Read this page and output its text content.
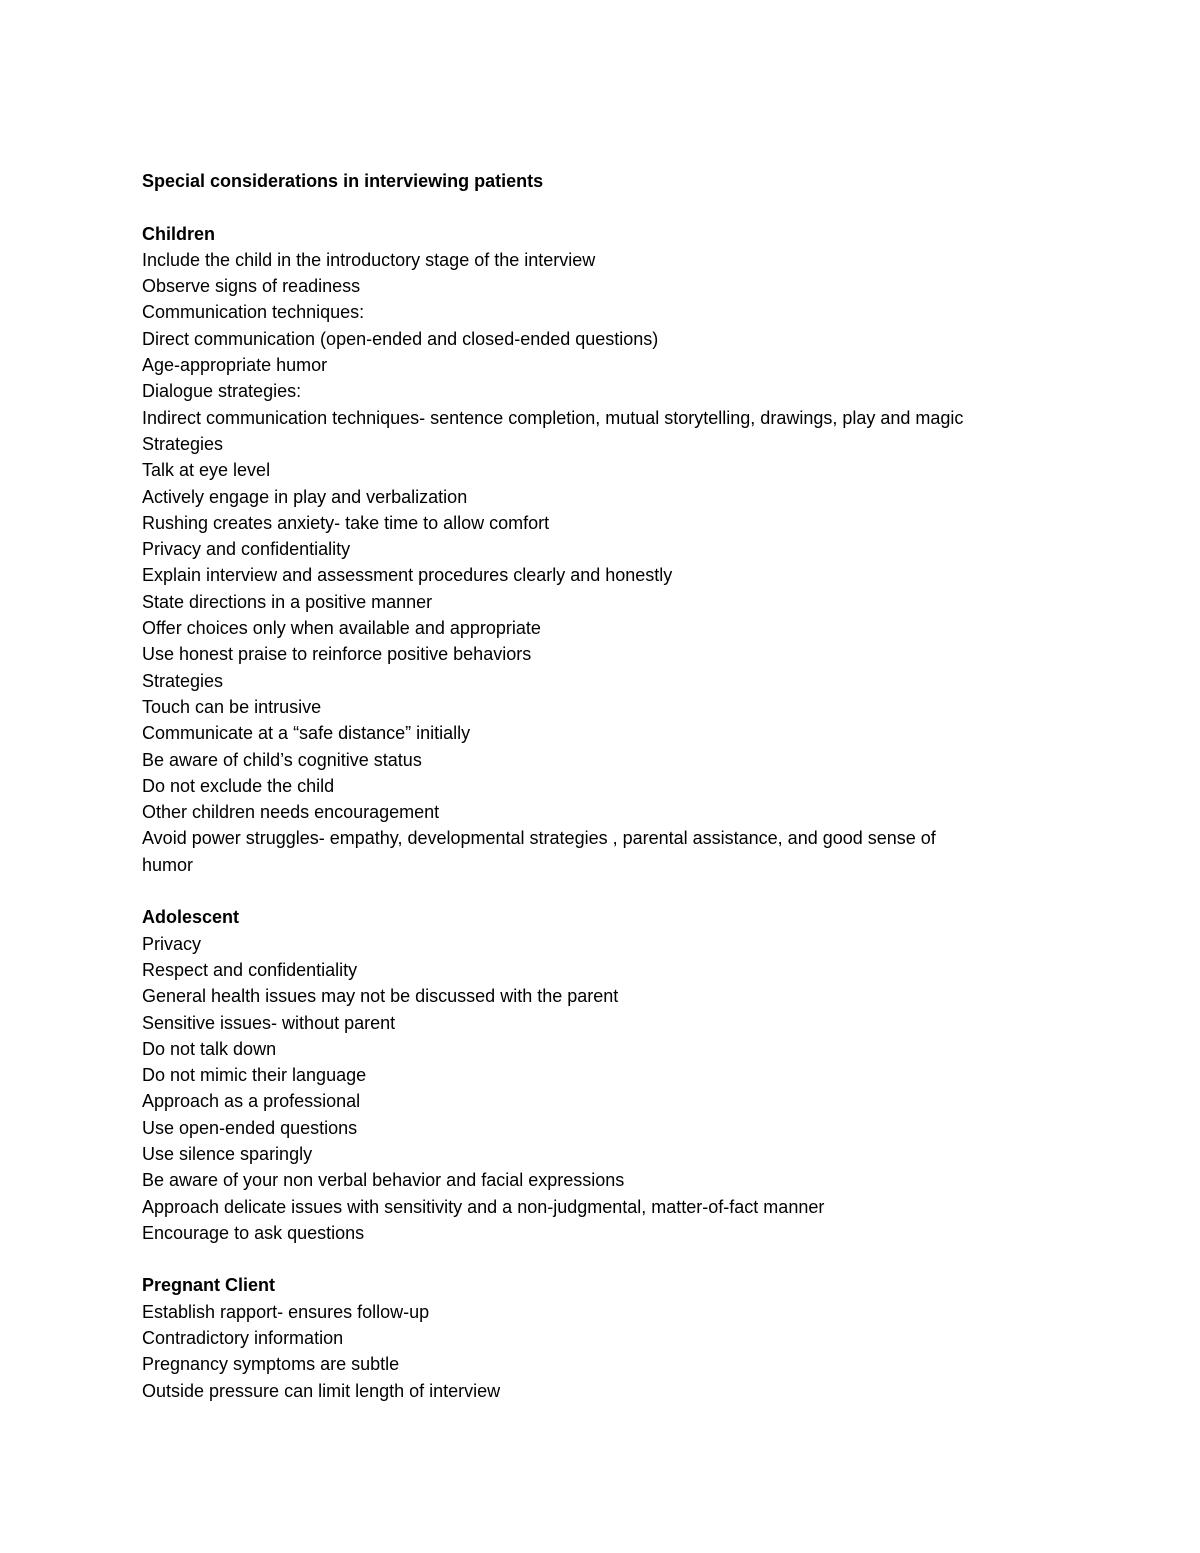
Special considerations in interviewing patients
Children
Include the child in the introductory stage of the interview
Observe signs of readiness
Communication techniques:
Direct communication (open-ended and closed-ended questions)
Age-appropriate humor
Dialogue strategies:
Indirect communication techniques- sentence completion, mutual storytelling, drawings, play and magic
Strategies
Talk at eye level
Actively engage in play and verbalization
Rushing creates anxiety- take time to allow comfort
Privacy and confidentiality
Explain interview and assessment procedures clearly and honestly
State directions in a positive manner
Offer choices only when available and appropriate
Use honest praise to reinforce positive behaviors
Strategies
Touch can be intrusive
Communicate at a “safe distance” initially
Be aware of child’s cognitive status
Do not exclude the child
Other children needs encouragement
Avoid power struggles- empathy, developmental strategies , parental assistance, and good sense of
humor
Adolescent
Privacy
Respect and confidentiality
General health issues may not be discussed with the parent
Sensitive issues- without parent
Do not talk down
Do not mimic their language
Approach as a professional
Use open-ended questions
Use silence sparingly
Be aware of your non verbal behavior and facial expressions
Approach delicate issues with sensitivity and a non-judgmental, matter-of-fact manner
Encourage to ask questions
Pregnant Client
Establish rapport- ensures follow-up
Contradictory information
Pregnancy symptoms are subtle
Outside pressure can limit length of interview
